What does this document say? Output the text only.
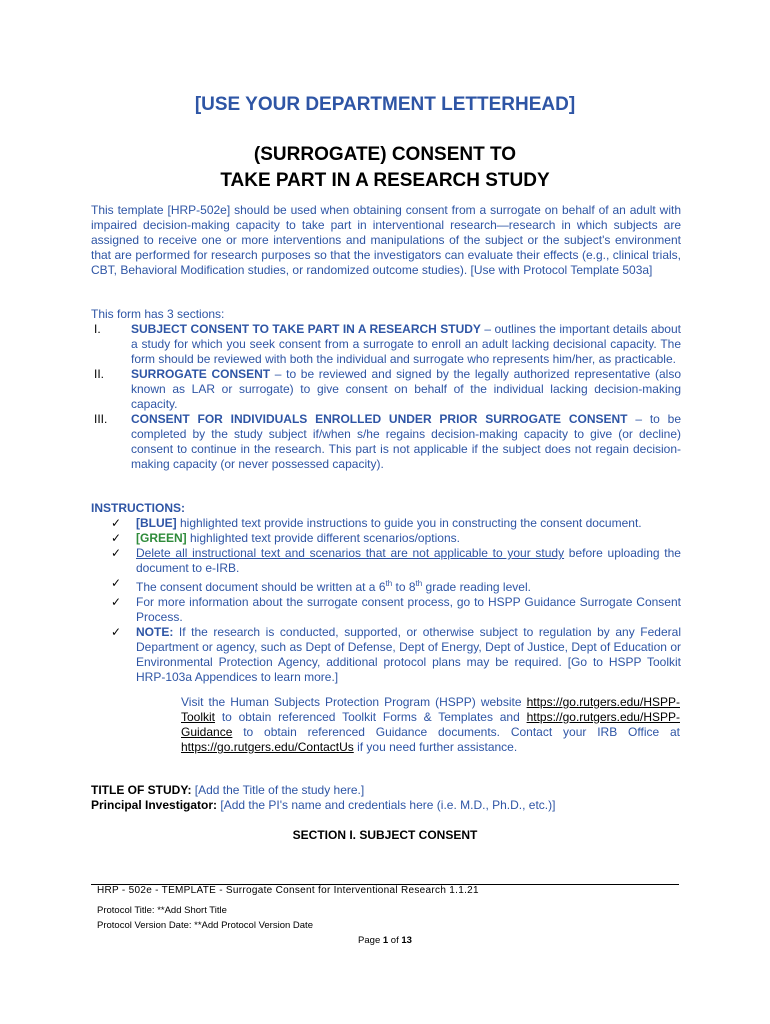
[USE YOUR DEPARTMENT LETTERHEAD]
(SURROGATE) CONSENT TO
TAKE PART IN A RESEARCH STUDY
This template [HRP-502e] should be used when obtaining consent from a surrogate on behalf of an adult with impaired decision-making capacity to take part in interventional research—research in which subjects are assigned to receive one or more interventions and manipulations of the subject or the subject's environment that are performed for research purposes so that the investigators can evaluate their effects (e.g., clinical trials, CBT, Behavioral Modification studies, or randomized outcome studies). [Use with Protocol Template 503a]
This form has 3 sections:
I.	SUBJECT CONSENT TO TAKE PART IN A RESEARCH STUDY – outlines the important details about a study for which you seek consent from a surrogate to enroll an adult lacking decisional capacity. The form should be reviewed with both the individual and surrogate who represents him/her, as practicable.
II.	SURROGATE CONSENT – to be reviewed and signed by the legally authorized representative (also known as LAR or surrogate) to give consent on behalf of the individual lacking decision-making capacity.
III.	CONSENT FOR INDIVIDUALS ENROLLED UNDER PRIOR SURROGATE CONSENT – to be completed by the study subject if/when s/he regains decision-making capacity to give (or decline) consent to continue in the research. This part is not applicable if the subject does not regain decision-making capacity (or never possessed capacity).
INSTRUCTIONS:
✓ [BLUE] highlighted text provide instructions to guide you in constructing the consent document.
✓ [GREEN] highlighted text provide different scenarios/options.
✓ Delete all instructional text and scenarios that are not applicable to your study before uploading the document to e-IRB.
✓ The consent document should be written at a 6th to 8th grade reading level.
✓ For more information about the surrogate consent process, go to HSPP Guidance Surrogate Consent Process.
✓ NOTE: If the research is conducted, supported, or otherwise subject to regulation by any Federal Department or agency, such as Dept of Defense, Dept of Energy, Dept of Justice, Dept of Education or Environmental Protection Agency, additional protocol plans may be required. [Go to HSPP Toolkit HRP-103a Appendices to learn more.]
Visit the Human Subjects Protection Program (HSPP) website https://go.rutgers.edu/HSPP-Toolkit to obtain referenced Toolkit Forms & Templates and https://go.rutgers.edu/HSPP-Guidance to obtain referenced Guidance documents. Contact your IRB Office at https://go.rutgers.edu/ContactUs if you need further assistance.
TITLE OF STUDY: [Add the Title of the study here.]
Principal Investigator: [Add the PI's name and credentials here (i.e. M.D., Ph.D., etc.)]
SECTION I. SUBJECT CONSENT
HRP - 502e - TEMPLATE - Surrogate Consent for Interventional Research 1.1.21
Protocol Title: **Add Short Title
Protocol Version Date: **Add Protocol Version Date
Page 1 of 13
